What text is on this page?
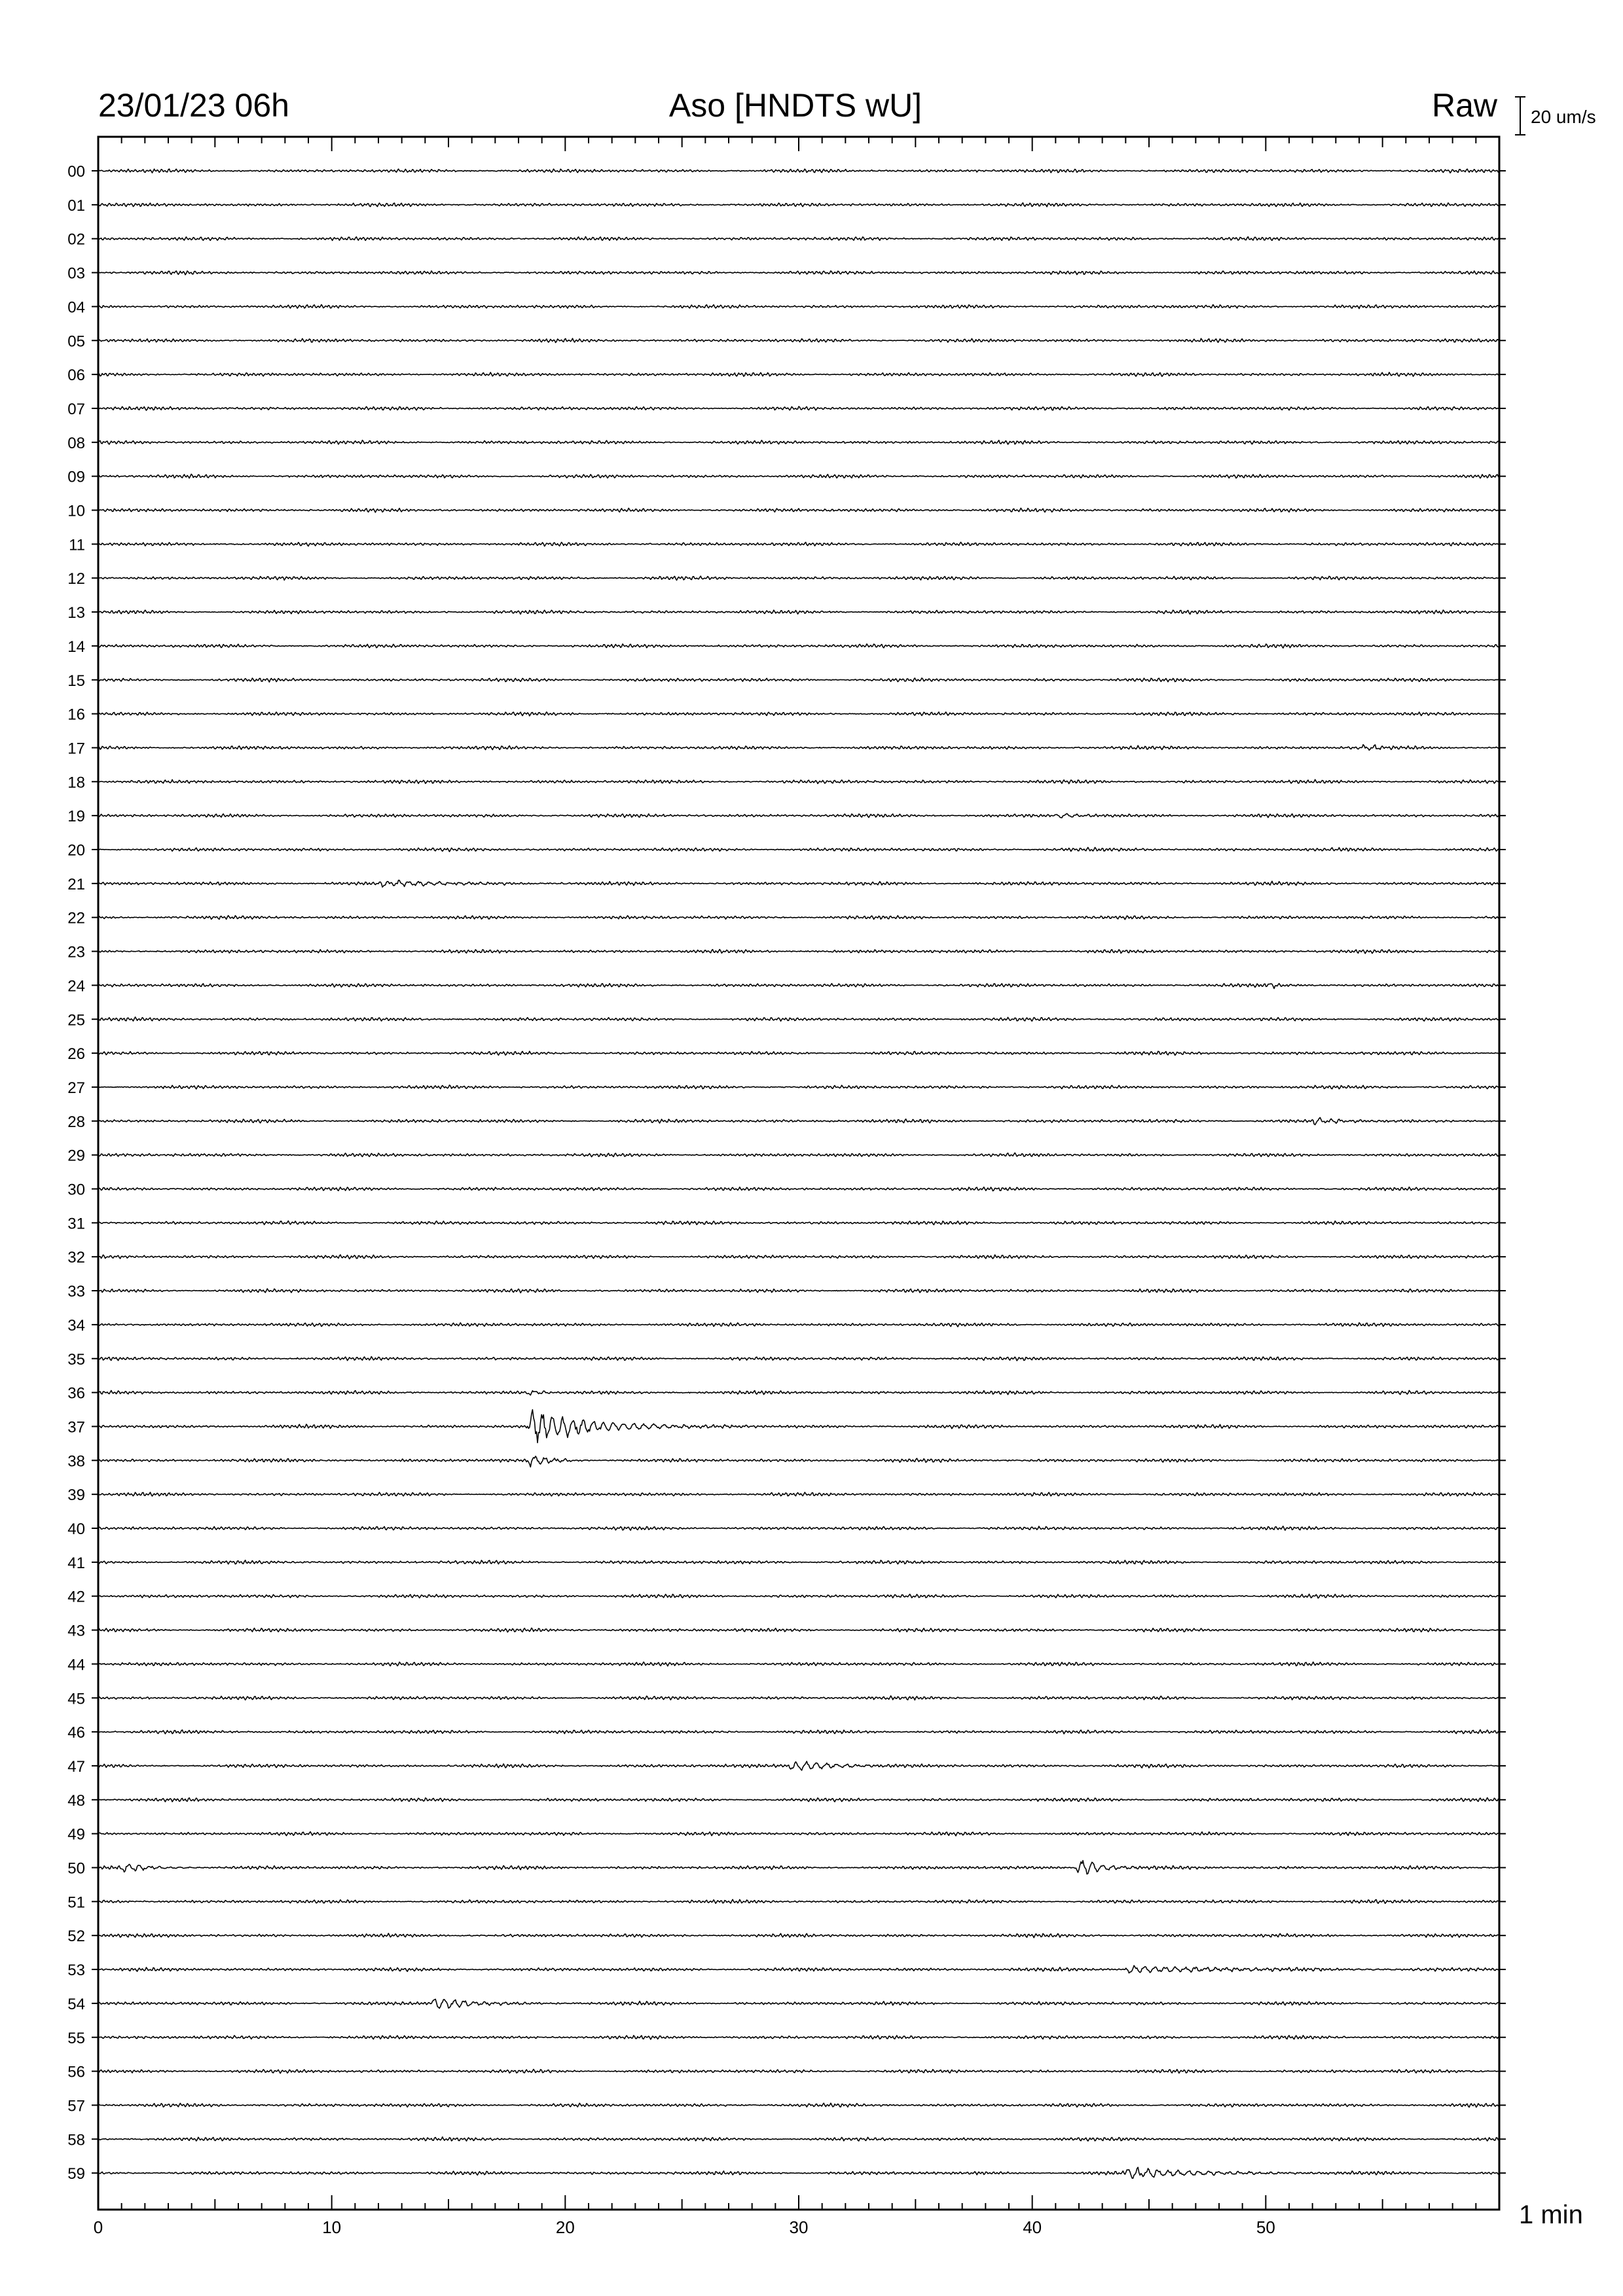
23/01/23 06h	Aso [HNDTS wU]	Raw 20 um/s
0	10	20	30	40	50
00
01
02
03
04
05
06
07
08
09
10
11
12
13
14
15
16
17
18
19
20
21
22
23
24
25
26
27
28
29
30
31
32
33
34
35
36
37
38
39
40
41
42
43
44
45
46
47
48
49
50
51
52
53
54
55
56
57
58
59
1 min
